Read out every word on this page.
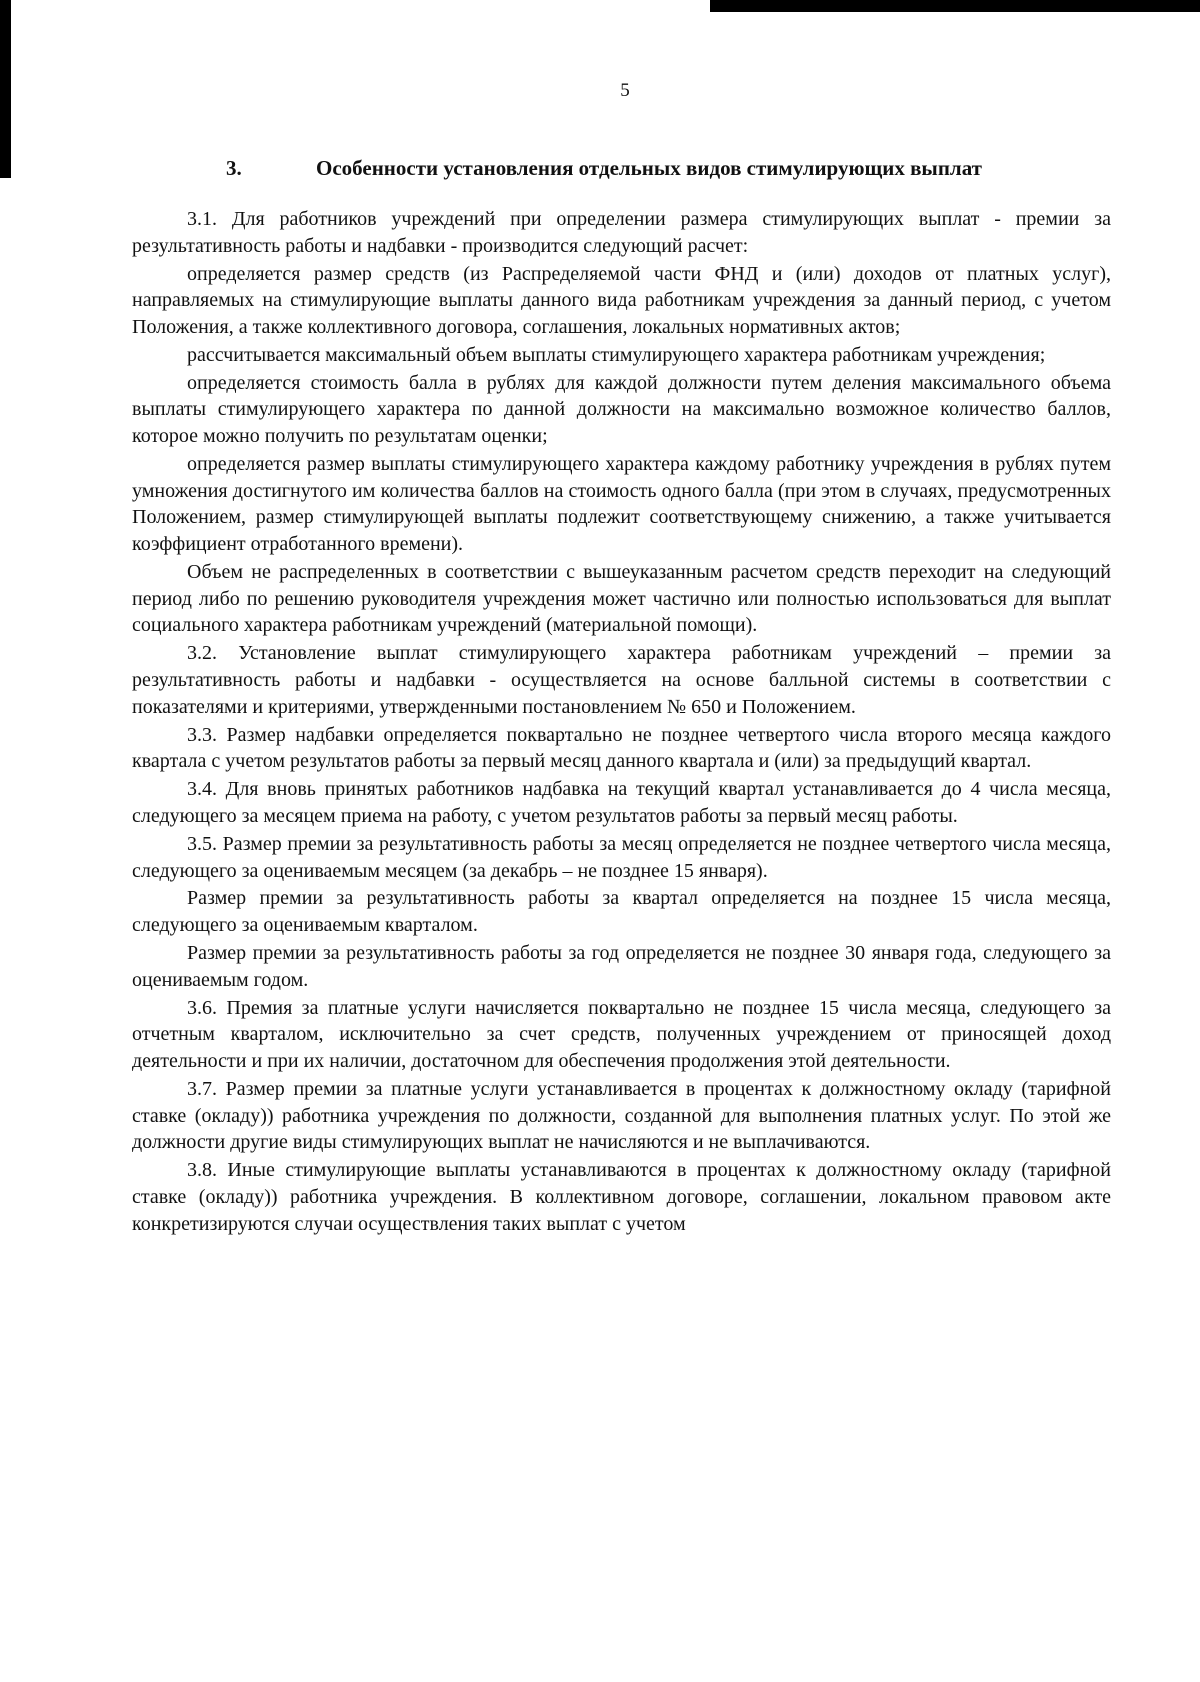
5
3.	Особенности установления отдельных видов стимулирующих выплат

3.1. Для работников учреждений при определении размера стимулирующих выплат - премии за результативность работы и надбавки - производится следующий расчет:

определяется размер средств (из Распределяемой части ФНД и (или) доходов от платных услуг), направляемых на стимулирующие выплаты данного вида работникам учреждения за данный период, с учетом Положения, а также коллективного договора, соглашения, локальных нормативных актов;

рассчитывается максимальный объем выплаты стимулирующего характера работникам учреждения;

определяется стоимость балла в рублях для каждой должности путем деления максимального объема выплаты стимулирующего характера по данной должности на максимально возможное количество баллов, которое можно получить по результатам оценки;

определяется размер выплаты стимулирующего характера каждому работнику учреждения в рублях путем умножения достигнутого им количества баллов на стоимость одного балла (при этом в случаях, предусмотренных Положением, размер стимулирующей выплаты подлежит соответствующему снижению, а также учитывается коэффициент отработанного времени).

Объем не распределенных в соответствии с вышеуказанным расчетом средств переходит на следующий период либо по решению руководителя учреждения может частично или полностью использоваться для выплат социального характера работникам учреждений (материальной помощи).

3.2. Установление выплат стимулирующего характера работникам учреждений – премии за результативность работы и надбавки - осуществляется на основе балльной системы в соответствии с показателями и критериями, утвержденными постановлением № 650 и Положением.

3.3. Размер надбавки определяется поквартально не позднее четвертого числа второго месяца каждого квартала с учетом результатов работы за первый месяц данного квартала и (или) за предыдущий квартал.

3.4. Для вновь принятых работников надбавка на текущий квартал устанавливается до 4 числа месяца, следующего за месяцем приема на работу, с учетом результатов работы за первый месяц работы.

3.5. Размер премии за результативность работы за месяц определяется не позднее четвертого числа месяца, следующего за оцениваемым месяцем (за декабрь – не позднее 15 января).

Размер премии за результативность работы за квартал определяется на позднее 15 числа месяца, следующего за оцениваемым кварталом.

Размер премии за результативность работы за год определяется не позднее 30 января года, следующего за оцениваемым годом.

3.6. Премия за платные услуги начисляется поквартально не позднее 15 числа месяца, следующего за отчетным кварталом, исключительно за счет средств, полученных учреждением от приносящей доход деятельности и при их наличии, достаточном для обеспечения продолжения этой деятельности.

3.7. Размер премии за платные услуги устанавливается в процентах к должностному окладу (тарифной ставке (окладу)) работника учреждения по должности, созданной для выполнения платных услуг. По этой же должности другие виды стимулирующих выплат не начисляются и не выплачиваются.

3.8. Иные стимулирующие выплаты устанавливаются в процентах к должностному окладу (тарифной ставке (окладу)) работника учреждения. В коллективном договоре, соглашении, локальном правовом акте конкретизируются случаи осуществления таких выплат с учетом
